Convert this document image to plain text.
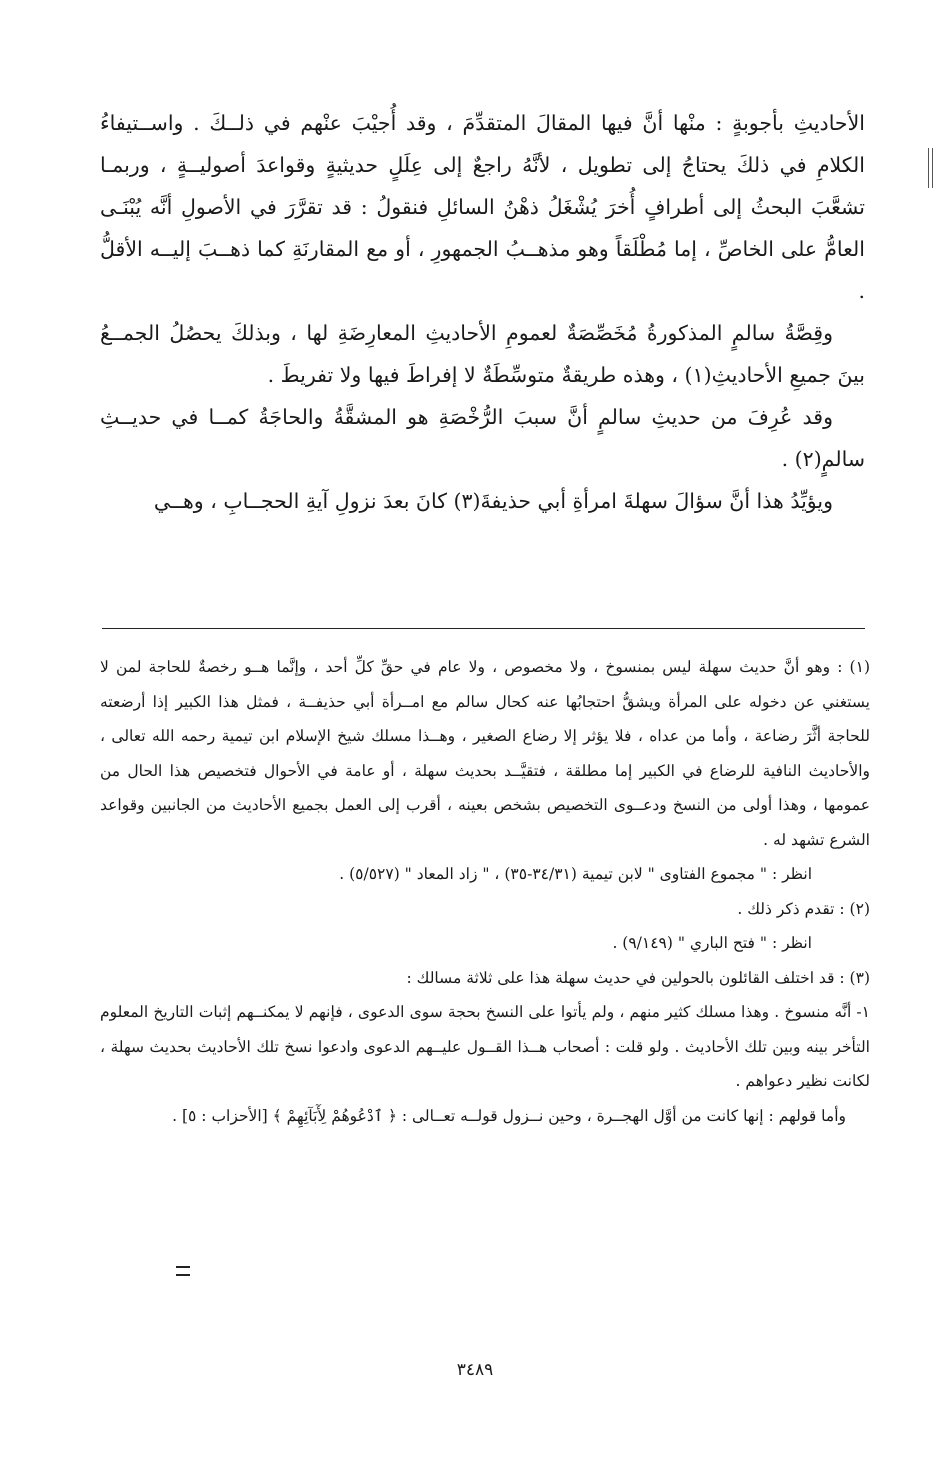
الأحاديثِ بأجوبةٍ : منْها أنَّ فيها المقالَ المتقدِّمَ ، وقد أُجيْبَ عنْهم في ذلــكَ . واســتيفاءُ الكلامِ في ذلكَ يحتاجُ إلى تطويل ، لأنَّهُ راجعٌ إلى عِلَلٍ حديثيةٍ وقواعدَ أصوليــةٍ ، وربمـا تشعَّبَ البحثُ إلى أطرافٍ أُخرَ يُشْغَلُ ذهْنُ السائلِ فنقولُ : قد تقرَّرَ في الأصولِ أنَّه يُبْنَـى العامُّ على الخاصِّ ، إما مُطْلَقاً وهو مذهــبُ الجمهورِ ، أو مع المقارنَةِ كما ذهــبَ إليــه الأقلُّ .

وقِصَّةُ سالمٍ المذكورةُ مُخَصِّصَةٌ لعمومِ الأحاديثِ المعارِضَةِ لها ، وبذلكَ يحصُلُ الجمــعُ بينَ جميعِ الأحاديثِ(١) ، وهذه طريقةٌ متوسِّطَةٌ لا إفراطَ فيها ولا تفريطَ .

وقد عُرِفَ من حديثِ سالمٍ أنَّ سببَ الرُّخْصَةِ هو المشقَّةُ والحاجَةُ كمــا في حديــثِ سالمٍ(٢) .

ويؤيِّدُ هذا أنَّ سؤالَ سهلةَ امرأةِ أبي حذيفةَ(٣) كانَ بعدَ نزولِ آيةِ الحجــابِ ، وهــي

(١) : وهو أنَّ حديث سهلة ليس بمنسوخ ، ولا مخصوص ، ولا عام في حقِّ كلِّ أحد ، وإنَّما هــو رخصةٌ للحاجة لمن لا يستغني عن دخوله على المرأة ويشقُّ احتجابُها عنه كحال سالم مع امــرأة أبي حذيفــة ، فمثل هذا الكبير إذا أرضعته للحاجة أثَّرَ رضاعة ، وأما من عداه ، فلا يؤثر إلا رضاع الصغير ، وهــذا مسلك شيخ الإسلام ابن تيمية رحمه الله تعالى ، والأحاديث النافية للرضاع في الكبير إما مطلقة ، فتقيَّــد بحديث سهلة ، أو عامة في الأحوال فتخصيص هذا الحال من عمومها ، وهذا أولى من النسخ ودعــوى التخصيص بشخص بعينه ، أقرب إلى العمل بجميع الأحاديث من الجانبين وقواعد الشرع تشهد له .

انظر : " مجموع الفتاوى " لابن تيمية (٣٤/٣١-٣٥) ، " زاد المعاد " (٥/٥٢٧) .

(٢) : تقدم ذكر ذلك .

انظر : " فتح الباري " (٩/١٤٩) .

(٣) : قد اختلف القائلون بالحولين في حديث سهلة هذا على ثلاثة مسالك :

١- أنَّه منسوخ . وهذا مسلك كثير منهم ، ولم يأتوا على النسخ بحجة سوى الدعوى ، فإنهم لا يمكنــهم إثبات التاريخ المعلوم التأخر بينه وبين تلك الأحاديث . ولو قلت : أصحاب هــذا القــول عليــهم الدعوى وادعوا نسخ تلك الأحاديث بحديث سهلة ، لكانت نظير دعواهم .

وأما قولهم : إنها كانت من أوَّل الهجــرة ، وحين نــزول قولــه تعــالى : ﴿ ٱدْعُوهُمْ لِأٓبَآئِهِمْ ﴾ [الأحزاب : ٥] .

٣٤٨٩
